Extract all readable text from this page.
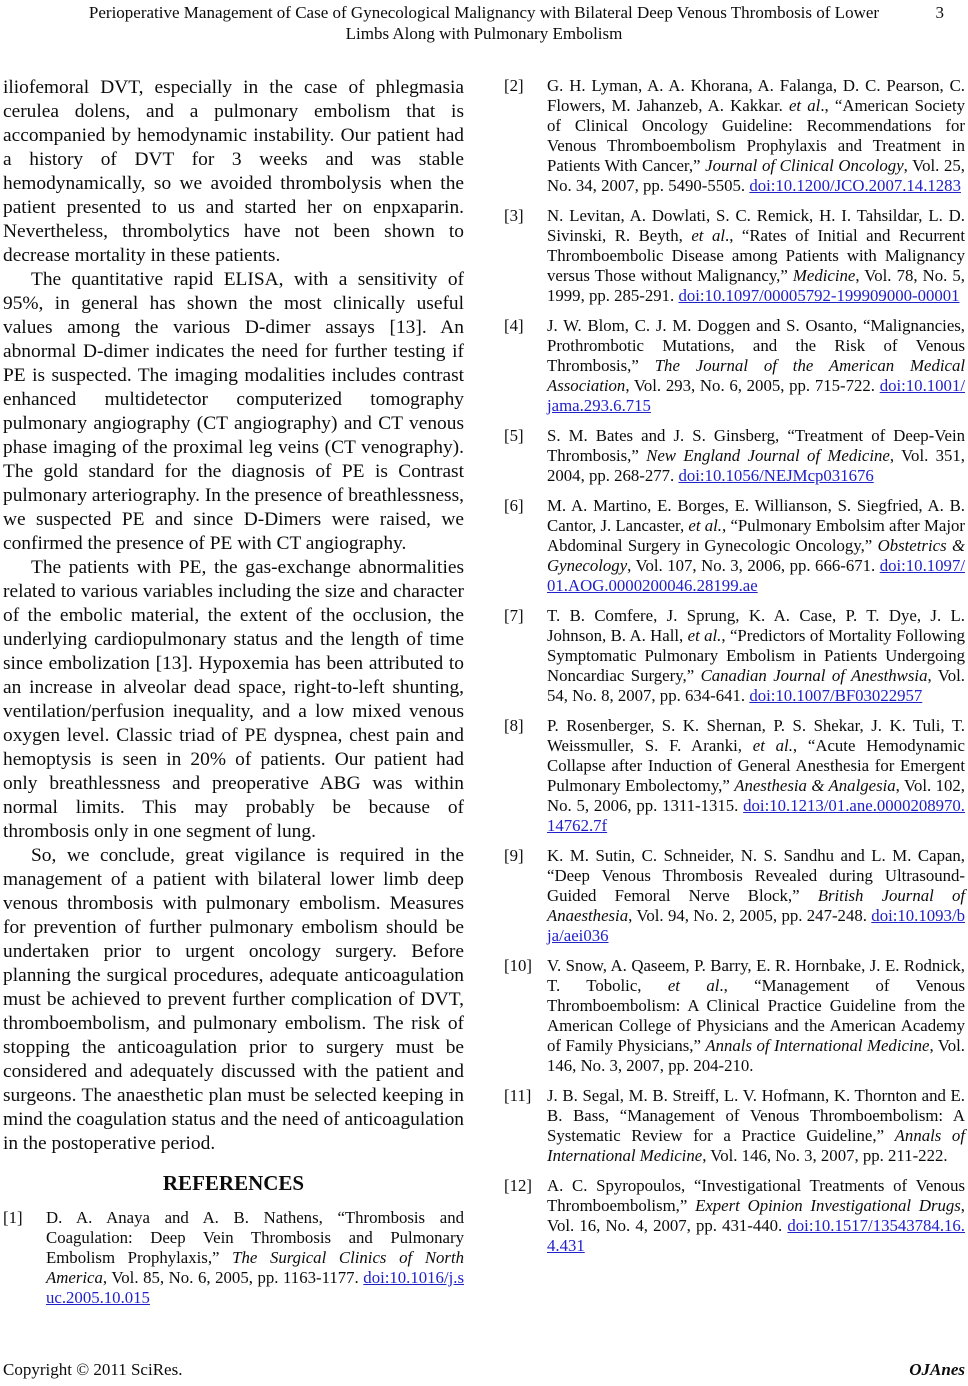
Perioperative Management of Case of Gynecological Malignancy with Bilateral Deep Venous Thrombosis of Lower Limbs Along with Pulmonary Embolism

3

iliofemoral DVT, especially in the case of phlegmasia cerulea dolens, and a pulmonary embolism that is accompanied by hemodynamic instability. Our patient had a history of DVT for 3 weeks and was stable hemodynamically, so we avoided thrombolysis when the patient presented to us and started her on enpxaparin. Nevertheless, thrombolytics have not been shown to decrease mortality in these patients.

The quantitative rapid ELISA, with a sensitivity of 95%, in general has shown the most clinically useful values among the various D-dimer assays [13]. An abnormal D-dimer indicates the need for further testing if PE is suspected. The imaging modalities includes contrast enhanced multidetector computerized tomography pulmonary angiography (CT angiography) and CT venous phase imaging of the proximal leg veins (CT venography). The gold standard for the diagnosis of PE is Contrast pulmonary arteriography. In the presence of breathlessness, we suspected PE and since D-Dimers were raised, we confirmed the presence of PE with CT angiography.

The patients with PE, the gas-exchange abnormalities related to various variables including the size and character of the embolic material, the extent of the occlusion, the underlying cardiopulmonary status and the length of time since embolization [13]. Hypoxemia has been attributed to an increase in alveolar dead space, right-to-left shunting, ventilation/perfusion inequality, and a low mixed venous oxygen level. Classic triad of PE dyspnea, chest pain and hemoptysis is seen in 20% of patients. Our patient had only breathlessness and preoperative ABG was within normal limits. This may probably be because of thrombosis only in one segment of lung.

So, we conclude, great vigilance is required in the management of a patient with bilateral lower limb deep venous thrombosis with pulmonary embolism. Measures for prevention of further pulmonary embolism should be undertaken prior to urgent oncology surgery. Before planning the surgical procedures, adequate anticoagulation must be achieved to prevent further complication of DVT, thromboembolism, and pulmonary embolism. The risk of stopping the anticoagulation prior to surgery must be considered and adequately discussed with the patient and surgeons. The anaesthetic plan must be selected keeping in mind the coagulation status and the need of anticoagulation in the postoperative period.

REFERENCES
[1]	D. A. Anaya and A. B. Nathens, “Thrombosis and Coagulation: Deep Vein Thrombosis and Pulmonary Embolism Prophylaxis,” The Surgical Clinics of North America, Vol. 85, No. 6, 2005, pp. 1163-1177. doi:10.1016/j.suc.2005.10.015
[2]	G. H. Lyman, A. A. Khorana, A. Falanga, D. C. Pearson, C. Flowers, M. Jahanzeb, A. Kakkar. et al., “American Society of Clinical Oncology Guideline: Recommendations for Venous Thromboembolism Prophylaxis and Treatment in Patients With Cancer,” Journal of Clinical Oncology, Vol. 25, No. 34, 2007, pp. 5490-5505. doi:10.1200/JCO.2007.14.1283
[3]	N. Levitan, A. Dowlati, S. C. Remick, H. I. Tahsildar, L. D. Sivinski, R. Beyth, et al., “Rates of Initial and Recurrent Thromboembolic Disease among Patients with Malignancy versus Those without Malignancy,” Medicine, Vol. 78, No. 5, 1999, pp. 285-291. doi:10.1097/00005792-199909000-00001
[4]	J. W. Blom, C. J. M. Doggen and S. Osanto, “Malignancies, Prothrombotic Mutations, and the Risk of Venous Thrombosis,” The Journal of the American Medical Association, Vol. 293, No. 6, 2005, pp. 715-722. doi:10.1001/jama.293.6.715
[5]	S. M. Bates and J. S. Ginsberg, “Treatment of Deep-Vein Thrombosis,” New England Journal of Medicine, Vol. 351, 2004, pp. 268-277. doi:10.1056/NEJMcp031676
[6]	M. A. Martino, E. Borges, E. Willianson, S. Siegfried, A. B. Cantor, J. Lancaster, et al., “Pulmonary Embolsim after Major Abdominal Surgery in Gynecologic Oncology,” Obstetrics & Gynecology, Vol. 107, No. 3, 2006, pp. 666-671. doi:10.1097/01.AOG.0000200046.28199.ae
[7]	T. B. Comfere, J. Sprung, K. A. Case, P. T. Dye, J. L. Johnson, B. A. Hall, et al., “Predictors of Mortality Following Symptomatic Pulmonary Embolism in Patients Undergoing Noncardiac Surgery,” Canadian Journal of Anesthwsia, Vol. 54, No. 8, 2007, pp. 634-641. doi:10.1007/BF03022957
[8]	P. Rosenberger, S. K. Shernan, P. S. Shekar, J. K. Tuli, T. Weissmuller, S. F. Aranki, et al., “Acute Hemodynamic Collapse after Induction of General Anesthesia for Emergent Pulmonary Embolectomy,” Anesthesia & Analgesia, Vol. 102, No. 5, 2006, pp. 1311-1315. doi:10.1213/01.ane.0000208970.14762.7f
[9]	K. M. Sutin, C. Schneider, N. S. Sandhu and L. M. Capan, “Deep Venous Thrombosis Revealed during Ultrasound-Guided Femoral Nerve Block,” British Journal of Anaesthesia, Vol. 94, No. 2, 2005, pp. 247-248. doi:10.1093/bja/aei036
[10] V. Snow, A. Qaseem, P. Barry, E. R. Hornbake, J. E. Rodnick, T. Tobolic, et al., “Management of Venous Thromboembolism: A Clinical Practice Guideline from the American College of Physicians and the American Academy of Family Physicians,” Annals of International Medicine, Vol. 146, No. 3, 2007, pp. 204-210.
[11] J. B. Segal, M. B. Streiff, L. V. Hofmann, K. Thornton and E. B. Bass, “Management of Venous Thromboembolism: A Systematic Review for a Practice Guideline,” Annals of International Medicine, Vol. 146, No. 3, 2007, pp. 211-222.
[12] A. C. Spyropoulos, “Investigational Treatments of Venous Thromboembolism,” Expert Opinion Investigational Drugs, Vol. 16, No. 4, 2007, pp. 431-440. doi:10.1517/13543784.16.4.431
Copyright © 2011 SciRes.	OJAnes
